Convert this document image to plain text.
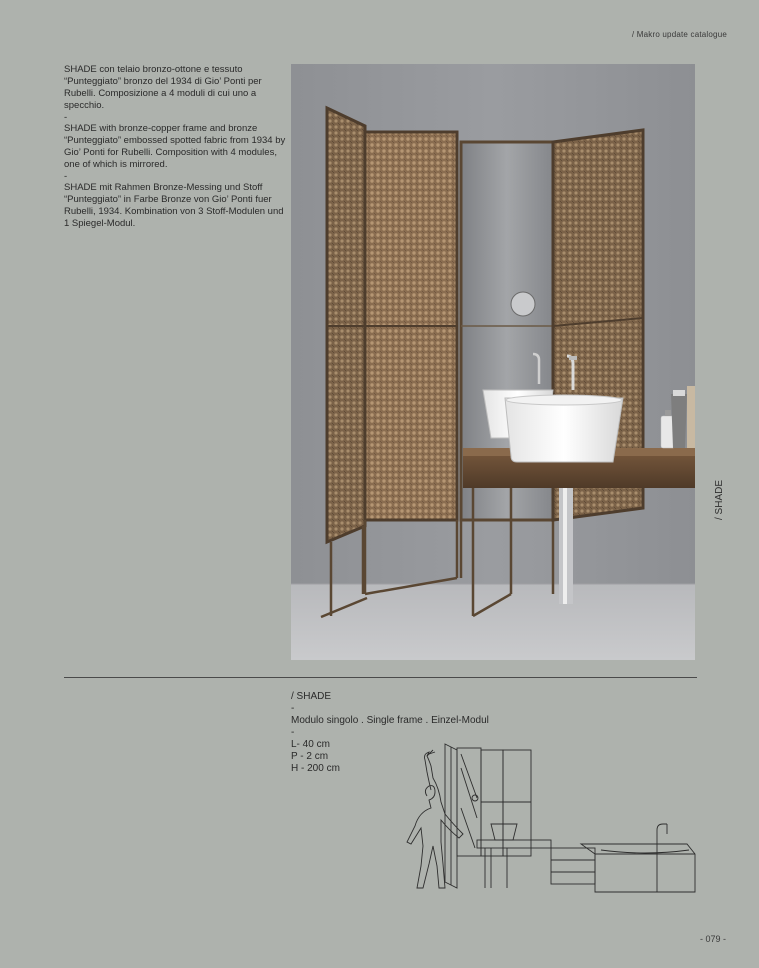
/ Makro update catalogue

SHADE con telaio bronzo-ottone e tessuto “Punteggiato” bronzo del 1934 di Gio’ Ponti per Rubelli. Composizione a 4 moduli di cui uno a specchio.

-

SHADE with bronze-copper frame and bronze “Punteggiato” embossed spotted fabric from 1934 by Gio’ Ponti for Rubelli. Composition with 4 modules, one of which is mirrored.

-

SHADE mit Rahmen Bronze-Messing und Stoff “Punteggiato” in Farbe Bronze von Gio’ Ponti fuer Rubelli, 1934. Kombination von 3 Stoff-Modulen und 1 Spiegel-Modul.

/ SHADE

/ SHADE

-

Modulo singolo . Single frame . Einzel-Modul

-

L- 40 cm

P - 2 cm

H - 200 cm

- 079 -
